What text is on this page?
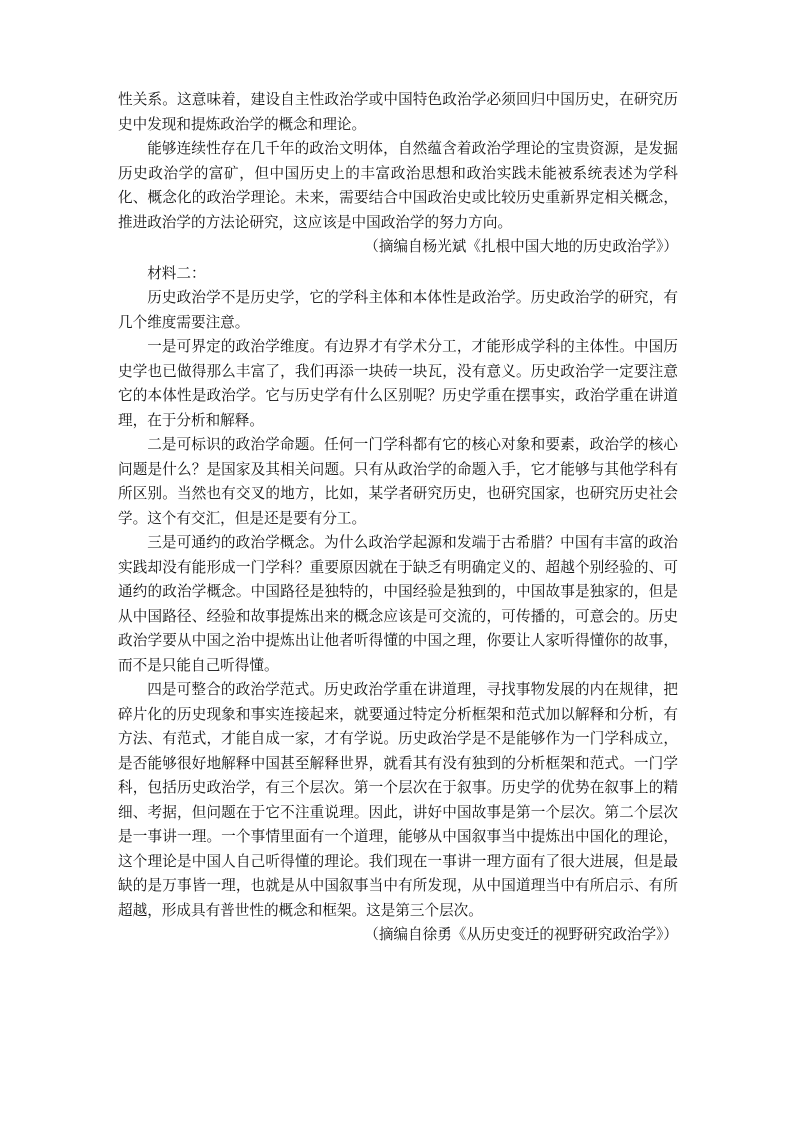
性关系。这意味着，建设自主性政治学或中国特色政治学必须回归中国历史，在研究历史中发现和提炼政治学的概念和理论。

能够连续性存在几千年的政治文明体，自然蕴含着政治学理论的宝贵资源，是发掘历史政治学的富矿，但中国历史上的丰富政治思想和政治实践未能被系统表述为学科化、概念化的政治学理论。未来，需要结合中国政治史或比较历史重新界定相关概念，推进政治学的方法论研究，这应该是中国政治学的努力方向。

（摘编自杨光斌《扎根中国大地的历史政治学》）

材料二：

历史政治学不是历史学，它的学科主体和本体性是政治学。历史政治学的研究，有几个维度需要注意。

一是可界定的政治学维度。有边界才有学术分工，才能形成学科的主体性。中国历史学也已做得那么丰富了，我们再添一块砖一块瓦，没有意义。历史政治学一定要注意它的本体性是政治学。它与历史学有什么区别呢？历史学重在摆事实，政治学重在讲道理，在于分析和解释。

二是可标识的政治学命题。任何一门学科都有它的核心对象和要素，政治学的核心问题是什么？是国家及其相关问题。只有从政治学的命题入手，它才能够与其他学科有所区别。当然也有交叉的地方，比如，某学者研究历史，也研究国家，也研究历史社会学。这个有交汇，但是还是要有分工。

三是可通约的政治学概念。为什么政治学起源和发端于古希腊？中国有丰富的政治实践却没有能形成一门学科？重要原因就在于缺乏有明确定义的、超越个别经验的、可通约的政治学概念。中国路径是独特的，中国经验是独到的，中国故事是独家的，但是从中国路径、经验和故事提炼出来的概念应该是可交流的，可传播的，可意会的。历史政治学要从中国之治中提炼出让他者听得懂的中国之理，你要让人家听得懂你的故事，而不是只能自己听得懂。

四是可整合的政治学范式。历史政治学重在讲道理，寻找事物发展的内在规律，把碎片化的历史现象和事实连接起来，就要通过特定分析框架和范式加以解释和分析，有方法、有范式，才能自成一家，才有学说。历史政治学是不是能够作为一门学科成立，是否能够很好地解释中国甚至解释世界，就看其有没有独到的分析框架和范式。一门学科，包括历史政治学，有三个层次。第一个层次在于叙事。历史学的优势在叙事上的精细、考据，但问题在于它不注重说理。因此，讲好中国故事是第一个层次。第二个层次是一事讲一理。一个事情里面有一个道理，能够从中国叙事当中提炼出中国化的理论，这个理论是中国人自己听得懂的理论。我们现在一事讲一理方面有了很大进展，但是最缺的是万事皆一理，也就是从中国叙事当中有所发现，从中国道理当中有所启示、有所超越，形成具有普世性的概念和框架。这是第三个层次。

（摘编自徐勇《从历史变迁的视野研究政治学》）
